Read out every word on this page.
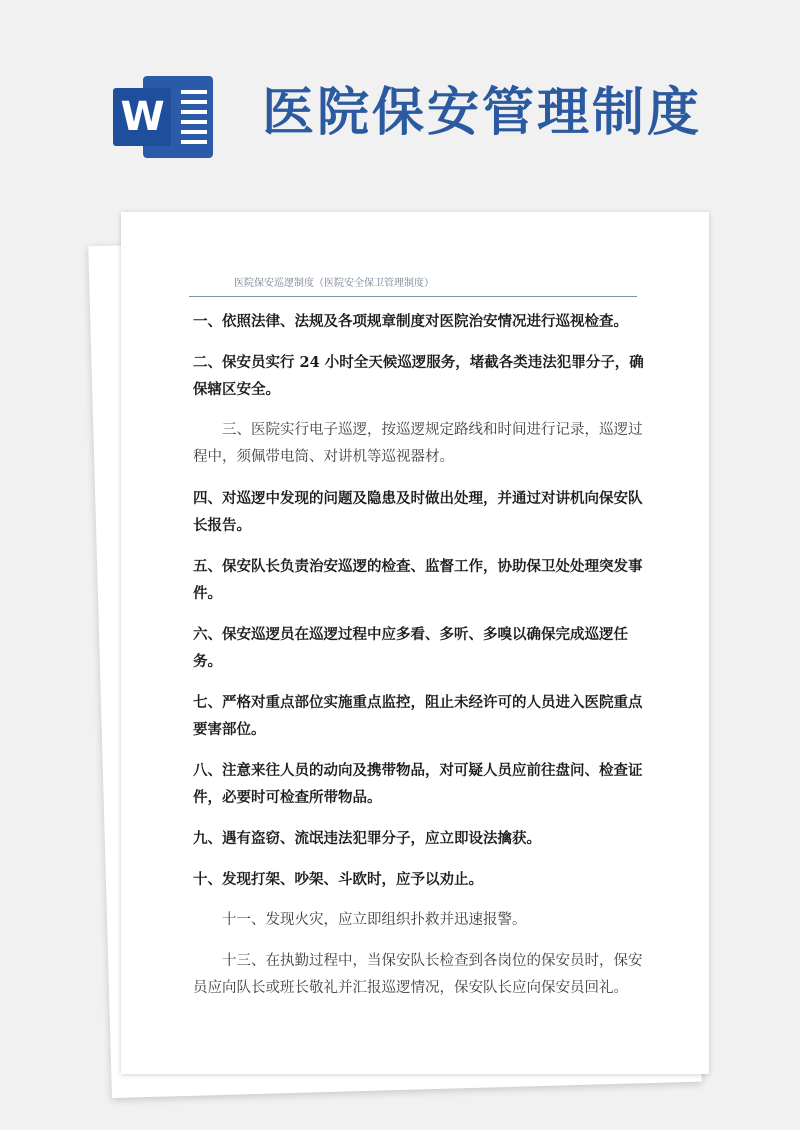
W 医院保安管理制度
医院保安巡逻制度（医院安全保卫管理制度）

一、依照法律、法规及各项规章制度对医院治安情况进行巡视检查。

二、保安员实行 24 小时全天候巡逻服务，堵截各类违法犯罪分子，确保辖区安全。

三、医院实行电子巡逻，按巡逻规定路线和时间进行记录，巡逻过程中，须佩带电筒、对讲机等巡视器材。

四、对巡逻中发现的问题及隐患及时做出处理，并通过对讲机向保安队长报告。

五、保安队长负责治安巡逻的检查、监督工作，协助保卫处处理突发事件。

六、保安巡逻员在巡逻过程中应多看、多听、多嗅以确保完成巡逻任务。

七、严格对重点部位实施重点监控，阻止未经许可的人员进入医院重点要害部位。

八、注意来往人员的动向及携带物品，对可疑人员应前往盘问、检查证件，必要时可检查所带物品。

九、遇有盗窃、流氓违法犯罪分子，应立即设法擒获。

十、发现打架、吵架、斗欧时，应予以劝止。

十一、发现火灾，应立即组织扑救并迅速报警。

十三、在执勤过程中，当保安队长检查到各岗位的保安员时，保安员应向队长或班长敬礼并汇报巡逻情况，保安队长应向保安员回礼。
